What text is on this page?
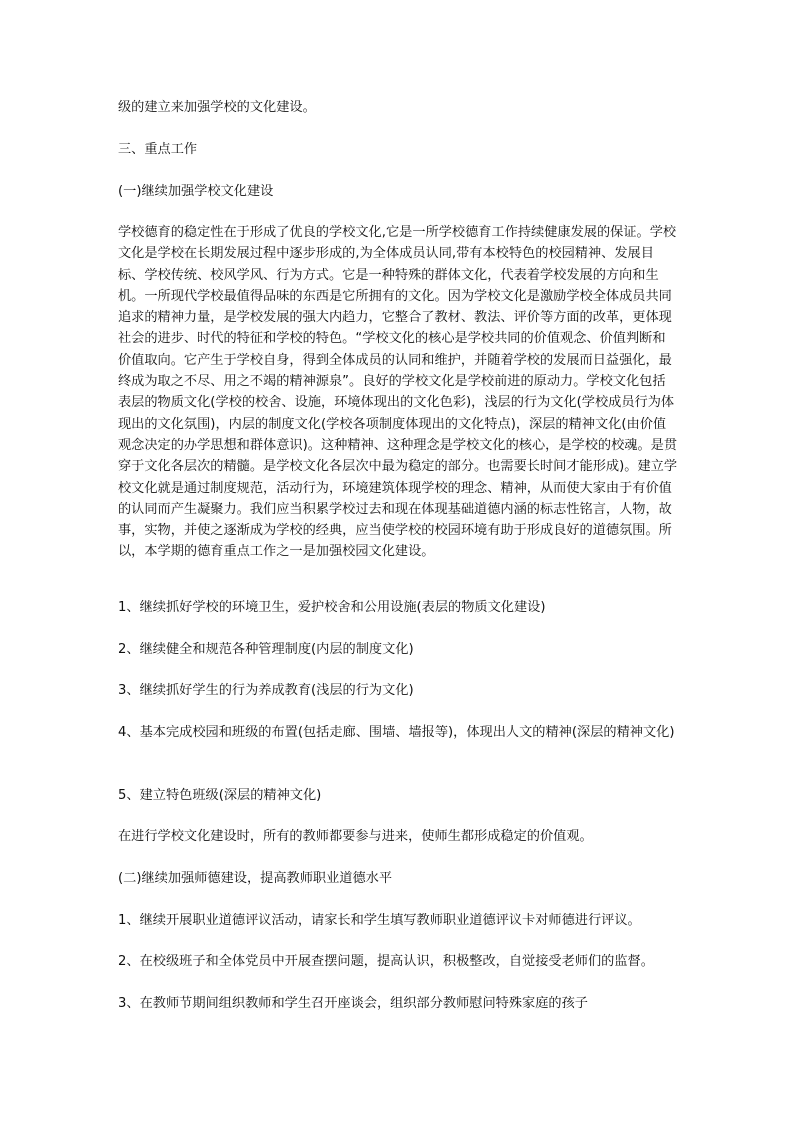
级的建立来加强学校的文化建设。

三、重点工作

(一)继续加强学校文化建设

学校德育的稳定性在于形成了优良的学校文化,它是一所学校德育工作持续健康发展的保证。学校文化是学校在长期发展过程中逐步形成的,为全体成员认同,带有本校特色的校园精神、发展目标、学校传统、校风学风、行为方式。它是一种特殊的群体文化，代表着学校发展的方向和生机。一所现代学校最值得品味的东西是它所拥有的文化。因为学校文化是激励学校全体成员共同追求的精神力量，是学校发展的强大内趋力，它整合了教材、教法、评价等方面的改革，更体现社会的进步、时代的特征和学校的特色。“学校文化的核心是学校共同的价值观念、价值判断和价值取向。它产生于学校自身，得到全体成员的认同和维护，并随着学校的发展而日益强化，最终成为取之不尽、用之不竭的精神源泉”。良好的学校文化是学校前进的原动力。学校文化包括表层的物质文化(学校的校舍、设施，环境体现出的文化色彩)，浅层的行为文化(学校成员行为体现出的文化氛围)，内层的制度文化(学校各项制度体现出的文化特点)，深层的精神文化(由价值观念决定的办学思想和群体意识)。这种精神、这种理念是学校文化的核心，是学校的校魂。是贯穿于文化各层次的精髓。是学校文化各层次中最为稳定的部分。也需要长时间才能形成)。建立学校文化就是通过制度规范，活动行为，环境建筑体现学校的理念、精神，从而使大家由于有价值的认同而产生凝聚力。我们应当积累学校过去和现在体现基础道德内涵的标志性铭言，人物，故事，实物，并使之逐渐成为学校的经典，应当使学校的校园环境有助于形成良好的道德氛围。所以，本学期的德育重点工作之一是加强校园文化建设。

1、继续抓好学校的环境卫生，爱护校舍和公用设施(表层的物质文化建设)

2、继续健全和规范各种管理制度(内层的制度文化)

3、继续抓好学生的行为养成教育(浅层的行为文化)

4、基本完成校园和班级的布置(包括走廊、围墙、墙报等)，体现出人文的精神(深层的精神文化)

5、建立特色班级(深层的精神文化)

在进行学校文化建设时，所有的教师都要参与进来，使师生都形成稳定的价值观。

(二)继续加强师德建设，提高教师职业道德水平

1、继续开展职业道德评议活动，请家长和学生填写教师职业道德评议卡对师德进行评议。

2、在校级班子和全体党员中开展查摆问题，提高认识，积极整改，自觉接受老师们的监督。

3、在教师节期间组织教师和学生召开座谈会，组织部分教师慰问特殊家庭的孩子
